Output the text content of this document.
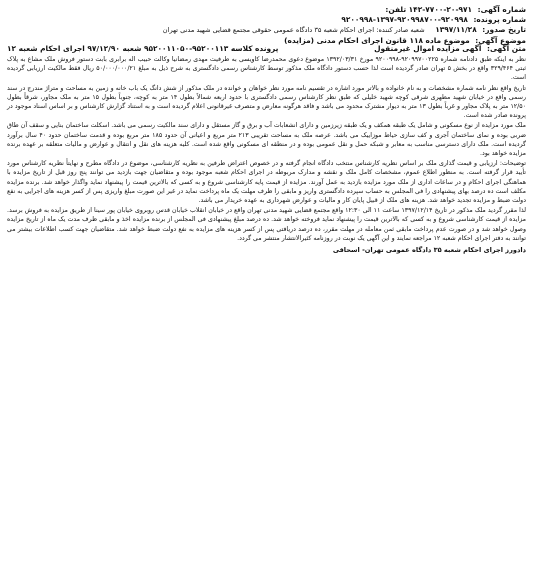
شماره آگهی: ۹۷۱-۲۰-۷۷۰۰-۱۴۲ تلفن:
شماره پرونده: ۹۲۰۹۹۸-۹۲۰۹۹۸۷۰۰-۱۳۹۷-۹۲۰۰۹۹۸
تاریخ صدور: ۱۳۹۷/۱۱/۲۸ شعبه صادر کننده: اجرای احکام شعبه ۳۵ دادگاه عمومی حقوقی مجتمع قضایی شهید مدنی تهران
موضوع آگهی: موضوع ماده ۱۱۸ قانون اجرای احکام مدنی (مزایده)
متن آگهی: آگهی مزایده اموال غیرمنقول
پرونده کلاسه ۹۵۲۰۰۱۱۳-۹۵۲۰۰۱۱۰۵۰ شعبه ۹۷/۱۲/۹۰ اجرای احکام شعبه ۱۲

نظر به اینکه طبق دادنامه شماره ۹۲۰۹۹۷۰۰۲۲۵-۹۲۰۰۹۹۸ مورخ ۱۳۹۲/۰۳/۳۱ موضوع دعوی محمدرضا کاویسی به طرفیت مهدی رمضانیا وکالت حبیب اله برابری بابت دستور فروش ملک مشاع به پلاک ثبتی ۳۲۹/۴۶۴ واقع در بخش ۵ تهران صادر گردیده است لذا حسب دستور دادگاه ملک مذکور توسط کارشناس رسمی دادگستری به شرح ذیل به مبلغ ۵۰/۰۰۰/۰۰۰/۲۱ ریال فقط مالکیت ارزیابی گردیده است.

تاریخ واقع نظر نامه شماره مشخصات و به نام خانواده و بالاتر مورد اشاره در تقسیم نامه مورد نظر خواهان و خوانده در ملک مذکور از شش دانگ یک باب خانه و زمین به مساحت و متراژ مندرج در سند رسمی واقع در خیابان شهید مطهری شرقی کوچه شهید خلیلی که طبق نظر کارشناس رسمی دادگستری با حدود اربعه شمالاً بطول ۱۴ متر به کوچه، جنوباً بطول ۱۵ متر به ملک مجاور، شرقاً بطول ۱۲/۵۰ متر به پلاک مجاور و غرباً بطول ۱۳ متر به دیوار مشترک محدود می باشد و فاقد هرگونه معارض و متصرف غیرقانونی اعلام گردیده است و به استناد گزارش کارشناس و بر اساس اسناد موجود در پرونده صادر شده است.

ملک مورد مزایده از نوع مسکونی و شامل یک طبقه همکف و یک طبقه زیرزمین و دارای انشعابات آب و برق و گاز مستقل و دارای سند مالکیت رسمی می باشد. اسکلت ساختمان بنایی و سقف آن طاق ضربی بوده و نمای ساختمان آجری و کف سازی حیاط موزاییک می باشد. عرصه ملک به مساحت تقریبی ۲۱۳ متر مربع و اعیانی آن حدود ۱۸۵ متر مربع بوده و قدمت ساختمان حدود ۴۰ سال برآورد گردیده است. ملک دارای دسترسی مناسب به معابر و شبکه حمل و نقل عمومی بوده و در منطقه ای مسکونی واقع شده است. کلیه هزینه های نقل و انتقال و عوارض و مالیات متعلقه بر عهده برنده مزایده خواهد بود.

توضیحات: ارزیابی و قیمت گذاری ملک بر اساس نظریه کارشناس منتخب دادگاه انجام گرفته و در خصوص اعتراض طرفین به نظریه کارشناسی، موضوع در دادگاه مطرح و نهایتاً نظریه کارشناس مورد تأیید قرار گرفته است. به منظور اطلاع عموم، مشخصات کامل ملک و نقشه و مدارک مربوطه در اجرای احکام شعبه موجود بوده و متقاضیان جهت بازدید می توانند پنج روز قبل از تاریخ مزایده با هماهنگی اجرای احکام و در ساعات اداری از ملک مورد مزایده بازدید به عمل آورند. مزایده از قیمت پایه کارشناسی شروع و به کسی که بالاترین قیمت را پیشنهاد نماید واگذار خواهد شد. برنده مزایده مکلف است ده درصد بهای پیشنهادی را فی المجلس به حساب سپرده دادگستری واریز و مابقی را ظرف مهلت یک ماه پرداخت نماید در غیر این صورت مبلغ واریزی پس از کسر هزینه های اجرایی به نفع دولت ضبط و مزایده تجدید خواهد شد. هزینه های ملک از قبیل پایان کار و مالیات و عوارض شهرداری به عهده خریدار می باشد.

لذا مقرر گردید ملک مذکور در تاریخ ۱۳۹۷/۱۲/۱۴ ساعت ۱۱ الی ۱۲:۳۰ واقع مجتمع قضایی شهید مدنی تهران واقع در خیابان انقلاب خیابان قدس روبروی خیابان پور سینا از طریق مزایده به فروش برسد. مزایده از قیمت کارشناسی شروع و به کسی که بالاترین قیمت را پیشنهاد نماید فروخته خواهد شد. ده درصد مبلغ پیشنهادی فی المجلس از برنده مزایده اخذ و مابقی ظرف مدت یک ماه از تاریخ مزایده وصول خواهد شد و در صورت عدم پرداخت مابقی ثمن معامله در مهلت مقرر، ده درصد دریافتی پس از کسر هزینه های مزایده به نفع دولت ضبط خواهد شد. متقاضیان جهت کسب اطلاعات بیشتر می توانند به دفتر اجرای احکام شعبه ۱۲ مراجعه نمایند و این آگهی یک نوبت در روزنامه کثیرالانتشار منتشر می گردد.

دادورز اجرای احکام شعبه ۳۵ دادگاه عمومی تهران- اسحاقی
